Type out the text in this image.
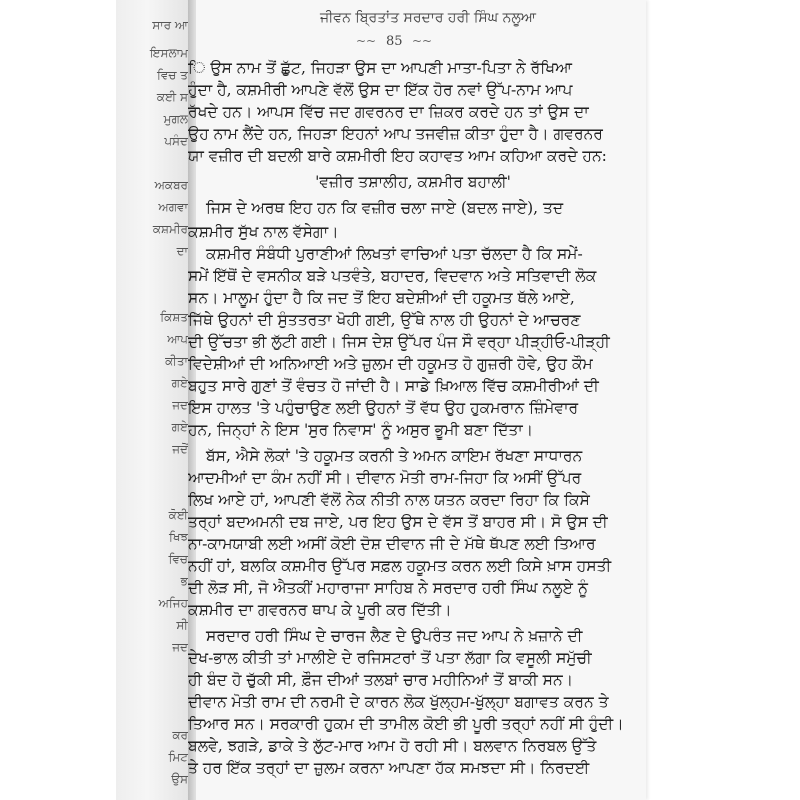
ਸਾਰ ਆ
ਇਸਲਾਮ
ਵਿਚ ਤ
ਕਈ ਸ
ਮੁਗਲ
ਪਸੰਦ
ਅਕਬਰ
ਅਗਵਾ
ਕਸ਼ਮੀਰ
ਦਾ
ਕਿਸ਼ਤ
ਆਪ
ਕੀਤਾ
ਗਏ
ਜਦ
ਗਏ
ਜਦੋਂ
ਕੋਈ
ਖਿਝ
ਵਿਚ
ਭ
ਅਜਿਹ
ਸੀ
ਜਦ
ਕਰ
ਮਿਟ
ਉਸ
ਜੀਵਨ ਬ੍ਰਿਤਾਂਤ ਸਰਦਾਰ ਹਰੀ ਸਿੰਘ ਨਲੂਆ
~~ 85 ~~
ਿ ਉਸ ਨਾਮ ਤੋਂ ਛੁੱਟ, ਜਿਹੜਾ ਉਸ ਦਾ ਆਪਣੀ ਮਾਤਾ-ਪਿਤਾ ਨੇ ਰੱਖਿਆ
ਹੁੰਦਾ ਹੈ, ਕਸ਼ਮੀਰੀ ਆਪਣੇ ਵੱਲੋਂ ਉਸ ਦਾ ਇੱਕ ਹੋਰ ਨਵਾਂ ਉੱਪ-ਨਾਮ ਆਪ
ਰੱਖਦੇ ਹਨ। ਆਪਸ ਵਿੱਚ ਜਦ ਗਵਰਨਰ ਦਾ ਜ਼ਿਕਰ ਕਰਦੇ ਹਨ ਤਾਂ ਉਸ ਦਾ
ਉਹ ਨਾਮ ਲੈਂਦੇ ਹਨ, ਜਿਹੜਾ ਇਹਨਾਂ ਆਪ ਤਜਵੀਜ਼ ਕੀਤਾ ਹੁੰਦਾ ਹੈ। ਗਵਰਨਰ
ਯਾ ਵਜ਼ੀਰ ਦੀ ਬਦਲੀ ਬਾਰੇ ਕਸ਼ਮੀਰੀ ਇਹ ਕਹਾਵਤ ਆਮ ਕਹਿਆ ਕਰਦੇ ਹਨ:
'ਵਜ਼ੀਰ ਤਸ਼ਾਲੀਹ, ਕਸ਼ਮੀਰ ਬਹਾਲੀ'
ਜਿਸ ਦੇ ਅਰਥ ਇਹ ਹਨ ਕਿ ਵਜ਼ੀਰ ਚਲਾ ਜਾਏ (ਬਦਲ ਜਾਏ), ਤਦ
ਕਸ਼ਮੀਰ ਸੁੱਖ ਨਾਲ ਵੱਸੇਗਾ।
ਕਸ਼ਮੀਰ ਸੰਬੰਧੀ ਪੁਰਾਣੀਆਂ ਲਿਖਤਾਂ ਵਾਚਿਆਂ ਪਤਾ ਚੱਲਦਾ ਹੈ ਕਿ ਸਮੇਂ-
ਸਮੇਂ ਇੱਥੋਂ ਦੇ ਵਸਨੀਕ ਬੜੇ ਪਤਵੰਤੇ, ਬਹਾਦਰ, ਵਿਦਵਾਨ ਅਤੇ ਸਤਿਵਾਦੀ ਲੋਕ
ਸਨ। ਮਾਲੂਮ ਹੁੰਦਾ ਹੈ ਕਿ ਜਦ ਤੋਂ ਇਹ ਬਦੇਸ਼ੀਆਂ ਦੀ ਹਕੂਮਤ ਥੱਲੇ ਆਏ,
ਜਿੱਥੇ ਉਹਨਾਂ ਦੀ ਸੁੰਤਤਰਤਾ ਖੋਹੀ ਗਈ, ਉੱਥੇ ਨਾਲ ਹੀ ਉਹਨਾਂ ਦੇ ਆਚਰਣ
ਦੀ ਉੱਚਤਾ ਭੀ ਲੁੱਟੀ ਗਈ। ਜਿਸ ਦੇਸ਼ ਉੱਪਰ ਪੰਜ ਸੌ ਵਰ੍ਹਾ ਪੀੜ੍ਹੀਓ-ਪੀੜ੍ਹੀ
ਵਿਦੇਸ਼ੀਆਂ ਦੀ ਅਨਿਆਈ ਅਤੇ ਜ਼ੁਲਮ ਦੀ ਹਕੂਮਤ ਹੋ ਗੁਜ਼ਰੀ ਹੋਵੇ, ਉਹ ਕੌਮ
ਬਹੁਤ ਸਾਰੇ ਗੁਣਾਂ ਤੋਂ ਵੰਚਤ ਹੋ ਜਾਂਦੀ ਹੈ। ਸਾਡੇ ਖ਼ਿਆਲ ਵਿੱਚ ਕਸ਼ਮੀਰੀਆਂ ਦੀ
ਇਸ ਹਾਲਤ 'ਤੇ ਪਹੁੰਚਾਉਣ ਲਈ ਉਹਨਾਂ ਤੋਂ ਵੱਧ ਉਹ ਹੁਕਮਰਾਨ ਜ਼ਿੰਮੇਵਾਰ
ਹਨ, ਜਿਨ੍ਹਾਂ ਨੇ ਇਸ 'ਸੁਰ ਨਿਵਾਸ' ਨੂੰ ਅਸੁਰ ਭੂਮੀ ਬਣਾ ਦਿੱਤਾ।
ਬੱਸ, ਐਸੇ ਲੋਕਾਂ 'ਤੇ ਹਕੂਮਤ ਕਰਨੀ ਤੇ ਅਮਨ ਕਾਇਮ ਰੱਖਣਾ ਸਾਧਾਰਨ
ਆਦਮੀਆਂ ਦਾ ਕੰਮ ਨਹੀਂ ਸੀ। ਦੀਵਾਨ ਮੋਤੀ ਰਾਮ-ਜਿਹਾ ਕਿ ਅਸੀਂ ਉੱਪਰ
ਲਿਖ ਆਏ ਹਾਂ, ਆਪਣੀ ਵੱਲੋਂ ਨੇਕ ਨੀਤੀ ਨਾਲ ਯਤਨ ਕਰਦਾ ਰਿਹਾ ਕਿ ਕਿਸੇ
ਤਰ੍ਹਾਂ ਬਦਅਮਨੀ ਦਬ ਜਾਏ, ਪਰ ਇਹ ਉਸ ਦੇ ਵੱਸ ਤੋਂ ਬਾਹਰ ਸੀ। ਸੋ ਉਸ ਦੀ
ਨਾ-ਕਾਮਯਾਬੀ ਲਈ ਅਸੀਂ ਕੋਈ ਦੋਸ਼ ਦੀਵਾਨ ਜੀ ਦੇ ਮੱਥੇ ਥੱਪਣ ਲਈ ਤਿਆਰ
ਨਹੀਂ ਹਾਂ, ਬਲਕਿ ਕਸ਼ਮੀਰ ਉੱਪਰ ਸਫ਼ਲ ਹਕੂਮਤ ਕਰਨ ਲਈ ਕਿਸੇ ਖ਼ਾਸ ਹਸਤੀ
ਦੀ ਲੋੜ ਸੀ, ਜੋ ਐਤਕੀਂ ਮਹਾਰਾਜਾ ਸਾਹਿਬ ਨੇ ਸਰਦਾਰ ਹਰੀ ਸਿੰਘ ਨਲੂਏ ਨੂੰ
ਕਸ਼ਮੀਰ ਦਾ ਗਵਰਨਰ ਥਾਪ ਕੇ ਪੂਰੀ ਕਰ ਦਿੱਤੀ।
ਸਰਦਾਰ ਹਰੀ ਸਿੰਘ ਦੇ ਚਾਰਜ ਲੈਣ ਦੇ ਉਪਰੰਤ ਜਦ ਆਪ ਨੇ ਖ਼ਜ਼ਾਨੇ ਦੀ
ਦੇਖ-ਭਾਲ ਕੀਤੀ ਤਾਂ ਮਾਲੀਏ ਦੇ ਰਜਿਸਟਰਾਂ ਤੋਂ ਪਤਾ ਲੱਗਾ ਕਿ ਵਸੂਲੀ ਸਮੁੱਚੀ
ਹੀ ਬੰਦ ਹੋ ਚੁੱਕੀ ਸੀ, ਫ਼ੌਜ ਦੀਆਂ ਤਲਬਾਂ ਚਾਰ ਮਹੀਨਿਆਂ ਤੋਂ ਬਾਕੀ ਸਨ।
ਦੀਵਾਨ ਮੋਤੀ ਰਾਮ ਦੀ ਨਰਮੀ ਦੇ ਕਾਰਨ ਲੋਕ ਖੁੱਲ੍ਹਮ-ਖੁੱਲ੍ਹਾ ਬਗਾਵਤ ਕਰਨ ਤੇ
ਤਿਆਰ ਸਨ। ਸਰਕਾਰੀ ਹੁਕਮ ਦੀ ਤਾਮੀਲ ਕੋਈ ਭੀ ਪੂਰੀ ਤਰ੍ਹਾਂ ਨਹੀਂ ਸੀ ਹੁੰਦੀ।
ਬਲਵੇ, ਝਗੜੇ, ਡਾਕੇ ਤੇ ਲੁੱਟ-ਮਾਰ ਆਮ ਹੋ ਰਹੀ ਸੀ। ਬਲਵਾਨ ਨਿਰਬਲ ਉੱਤੇ
ਤੇ ਹਰ ਇੱਕ ਤਰ੍ਹਾਂ ਦਾ ਜ਼ੁਲਮ ਕਰਨਾ ਆਪਣਾ ਹੱਕ ਸਮਝਦਾ ਸੀ। ਨਿਰਦਈ
